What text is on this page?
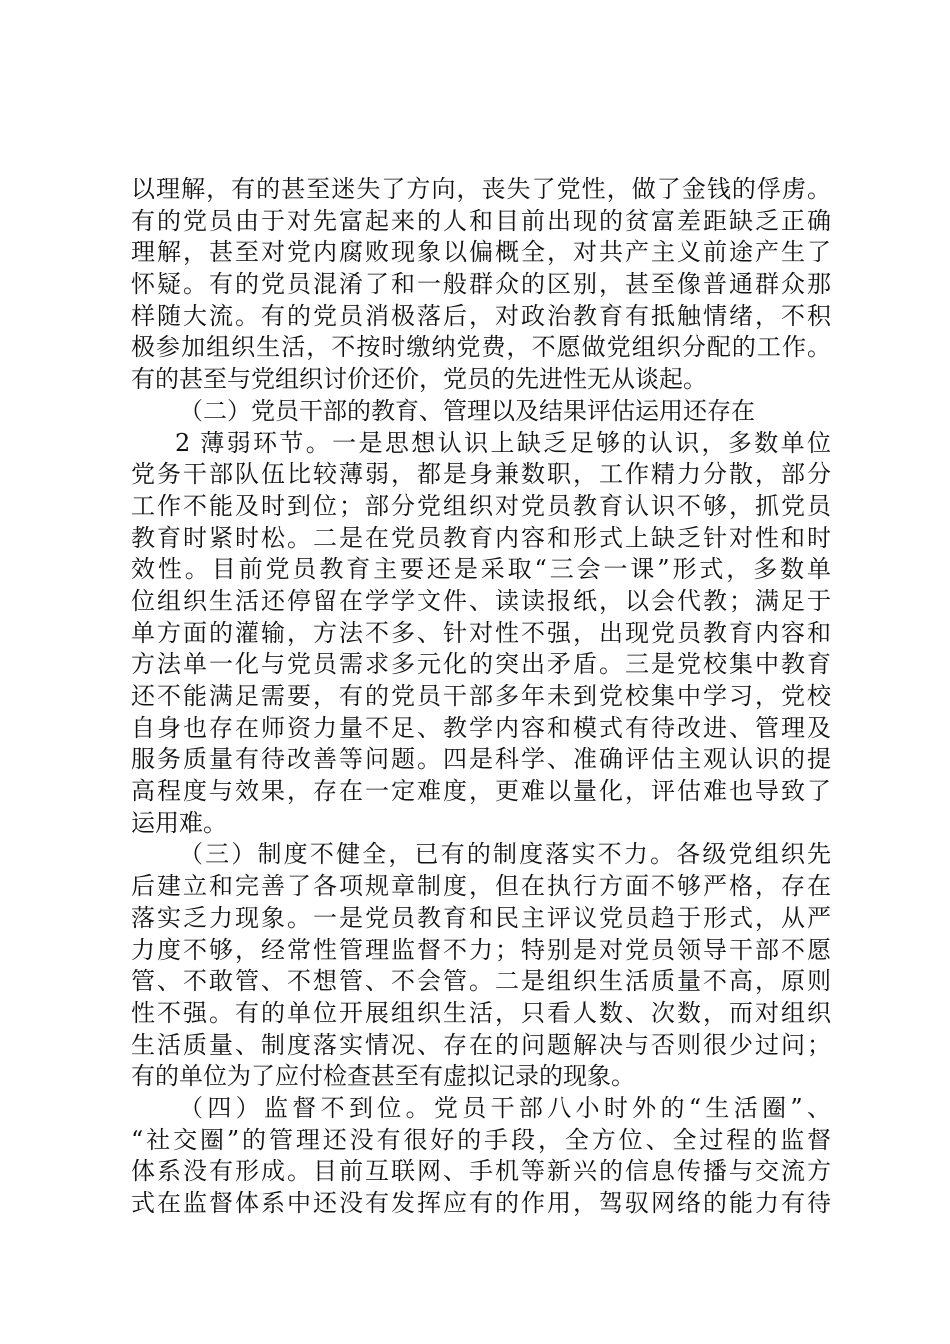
以理解，有的甚至迷失了方向，丧失了党性，做了金钱的俘虏。
有的党员由于对先富起来的人和目前出现的贫富差距缺乏正确
理解，甚至对党内腐败现象以偏概全，对共产主义前途产生了
怀疑。有的党员混淆了和一般群众的区别，甚至像普通群众那
样随大流。有的党员消极落后，对政治教育有抵触情绪，不积
极参加组织生活，不按时缴纳党费，不愿做党组织分配的工作。
有的甚至与党组织讨价还价，党员的先进性无从谈起。
（二）党员干部的教育、管理以及结果评估运用还存在
2 薄弱环节。一是思想认识上缺乏足够的认识，多数单位
党务干部队伍比较薄弱，都是身兼数职，工作精力分散，部分
工作不能及时到位；部分党组织对党员教育认识不够，抓党员
教育时紧时松。二是在党员教育内容和形式上缺乏针对性和时
效性。目前党员教育主要还是采取“三会一课”形式，多数单
位组织生活还停留在学学文件、读读报纸，以会代教；满足于
单方面的灌输，方法不多、针对性不强，出现党员教育内容和
方法单一化与党员需求多元化的突出矛盾。三是党校集中教育
还不能满足需要，有的党员干部多年未到党校集中学习，党校
自身也存在师资力量不足、教学内容和模式有待改进、管理及
服务质量有待改善等问题。四是科学、准确评估主观认识的提
高程度与效果，存在一定难度，更难以量化，评估难也导致了
运用难。
（三）制度不健全，已有的制度落实不力。各级党组织先
后建立和完善了各项规章制度，但在执行方面不够严格，存在
落实乏力现象。一是党员教育和民主评议党员趋于形式，从严
力度不够，经常性管理监督不力；特别是对党员领导干部不愿
管、不敢管、不想管、不会管。二是组织生活质量不高，原则
性不强。有的单位开展组织生活，只看人数、次数，而对组织
生活质量、制度落实情况、存在的问题解决与否则很少过问；
有的单位为了应付检查甚至有虚拟记录的现象。
（四）监督不到位。党员干部八小时外的“生活圈”、
“社交圈”的管理还没有很好的手段，全方位、全过程的监督
体系没有形成。目前互联网、手机等新兴的信息传播与交流方
式在监督体系中还没有发挥应有的作用，驾驭网络的能力有待
